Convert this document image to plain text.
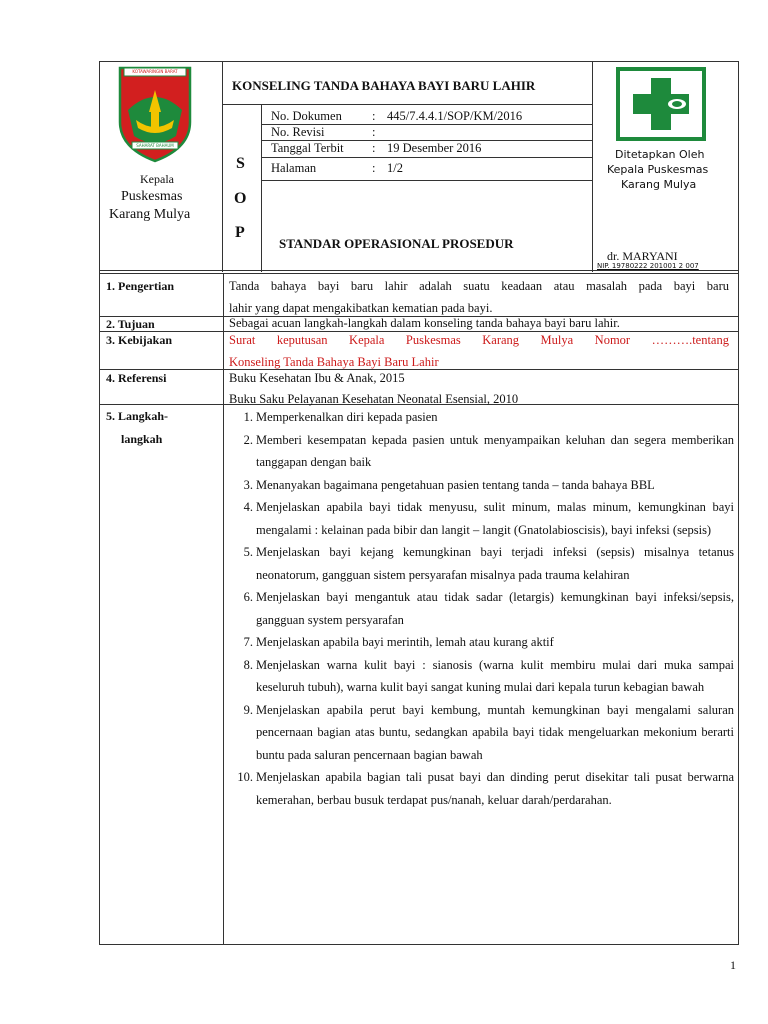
KOTAWARINGIN BARAT
SAHARAT BAHAUM
Kepala
Puskesmas
Karang Mulya
KONSELING TANDA BAHAYA BAYI BARU LAHIR
S
O
P
No. Dokumen : 445/7.4.4.1/SOP/KM/2016
No. Revisi	:
Tanggal Terbit : 19 Desember 2016
Halaman	: 1/2
STANDAR OPERASIONAL PROSEDUR
Ditetapkan Oleh
Kepala Puskesmas
Karang Mulya
dr. MARYANI
NIP. 19780222 201001 2 007
1. Pengertian	Tanda bahaya bayi baru lahir adalah suatu keadaan atau masalah pada bayi baru
lahir yang dapat mengakibatkan kematian pada bayi.
2. Tujuan	Sebagai acuan langkah-langkah dalam konseling tanda bahaya bayi baru lahir.
3. Kebijakan	Surat keputusan Kepala Puskesmas Karang Mulya Nomor ……….tentang
Konseling Tanda Bahaya Bayi Baru Lahir
4. Referensi	Buku Kesehatan Ibu & Anak, 2015
Buku Saku Pelayanan Kesehatan Neonatal Esensial, 2010
5. Langkah-
langkah
1. Memperkenalkan diri kepada pasien
2. Memberi kesempatan kepada pasien untuk menyampaikan keluhan dan segera memberikan tanggapan dengan baik
3. Menanyakan bagaimana pengetahuan pasien tentang tanda – tanda bahaya BBL
4. Menjelaskan apabila bayi tidak menyusu, sulit minum, malas minum, kemungkinan bayi mengalami : kelainan pada bibir dan langit – langit (Gnatolabioscisis), bayi infeksi (sepsis)
5. Menjelaskan bayi kejang kemungkinan bayi terjadi infeksi (sepsis) misalnya tetanus neonatorum, gangguan sistem persyarafan misalnya pada trauma kelahiran
6. Menjelaskan bayi mengantuk atau tidak sadar (letargis) kemungkinan bayi infeksi/sepsis, gangguan system persyarafan
7. Menjelaskan apabila bayi merintih, lemah atau kurang aktif
8. Menjelaskan warna kulit bayi : sianosis (warna kulit membiru mulai dari muka sampai keseluruh tubuh), warna kulit bayi sangat kuning mulai dari kepala turun kebagian bawah
9. Menjelaskan apabila perut bayi kembung, muntah kemungkinan bayi mengalami saluran pencernaan bagian atas buntu, sedangkan apabila bayi tidak mengeluarkan mekonium berarti buntu pada saluran pencernaan bagian bawah
10. Menjelaskan apabila bagian tali pusat bayi dan dinding perut disekitar tali pusat berwarna kemerahan, berbau busuk terdapat pus/nanah, keluar darah/perdarahan.
1
